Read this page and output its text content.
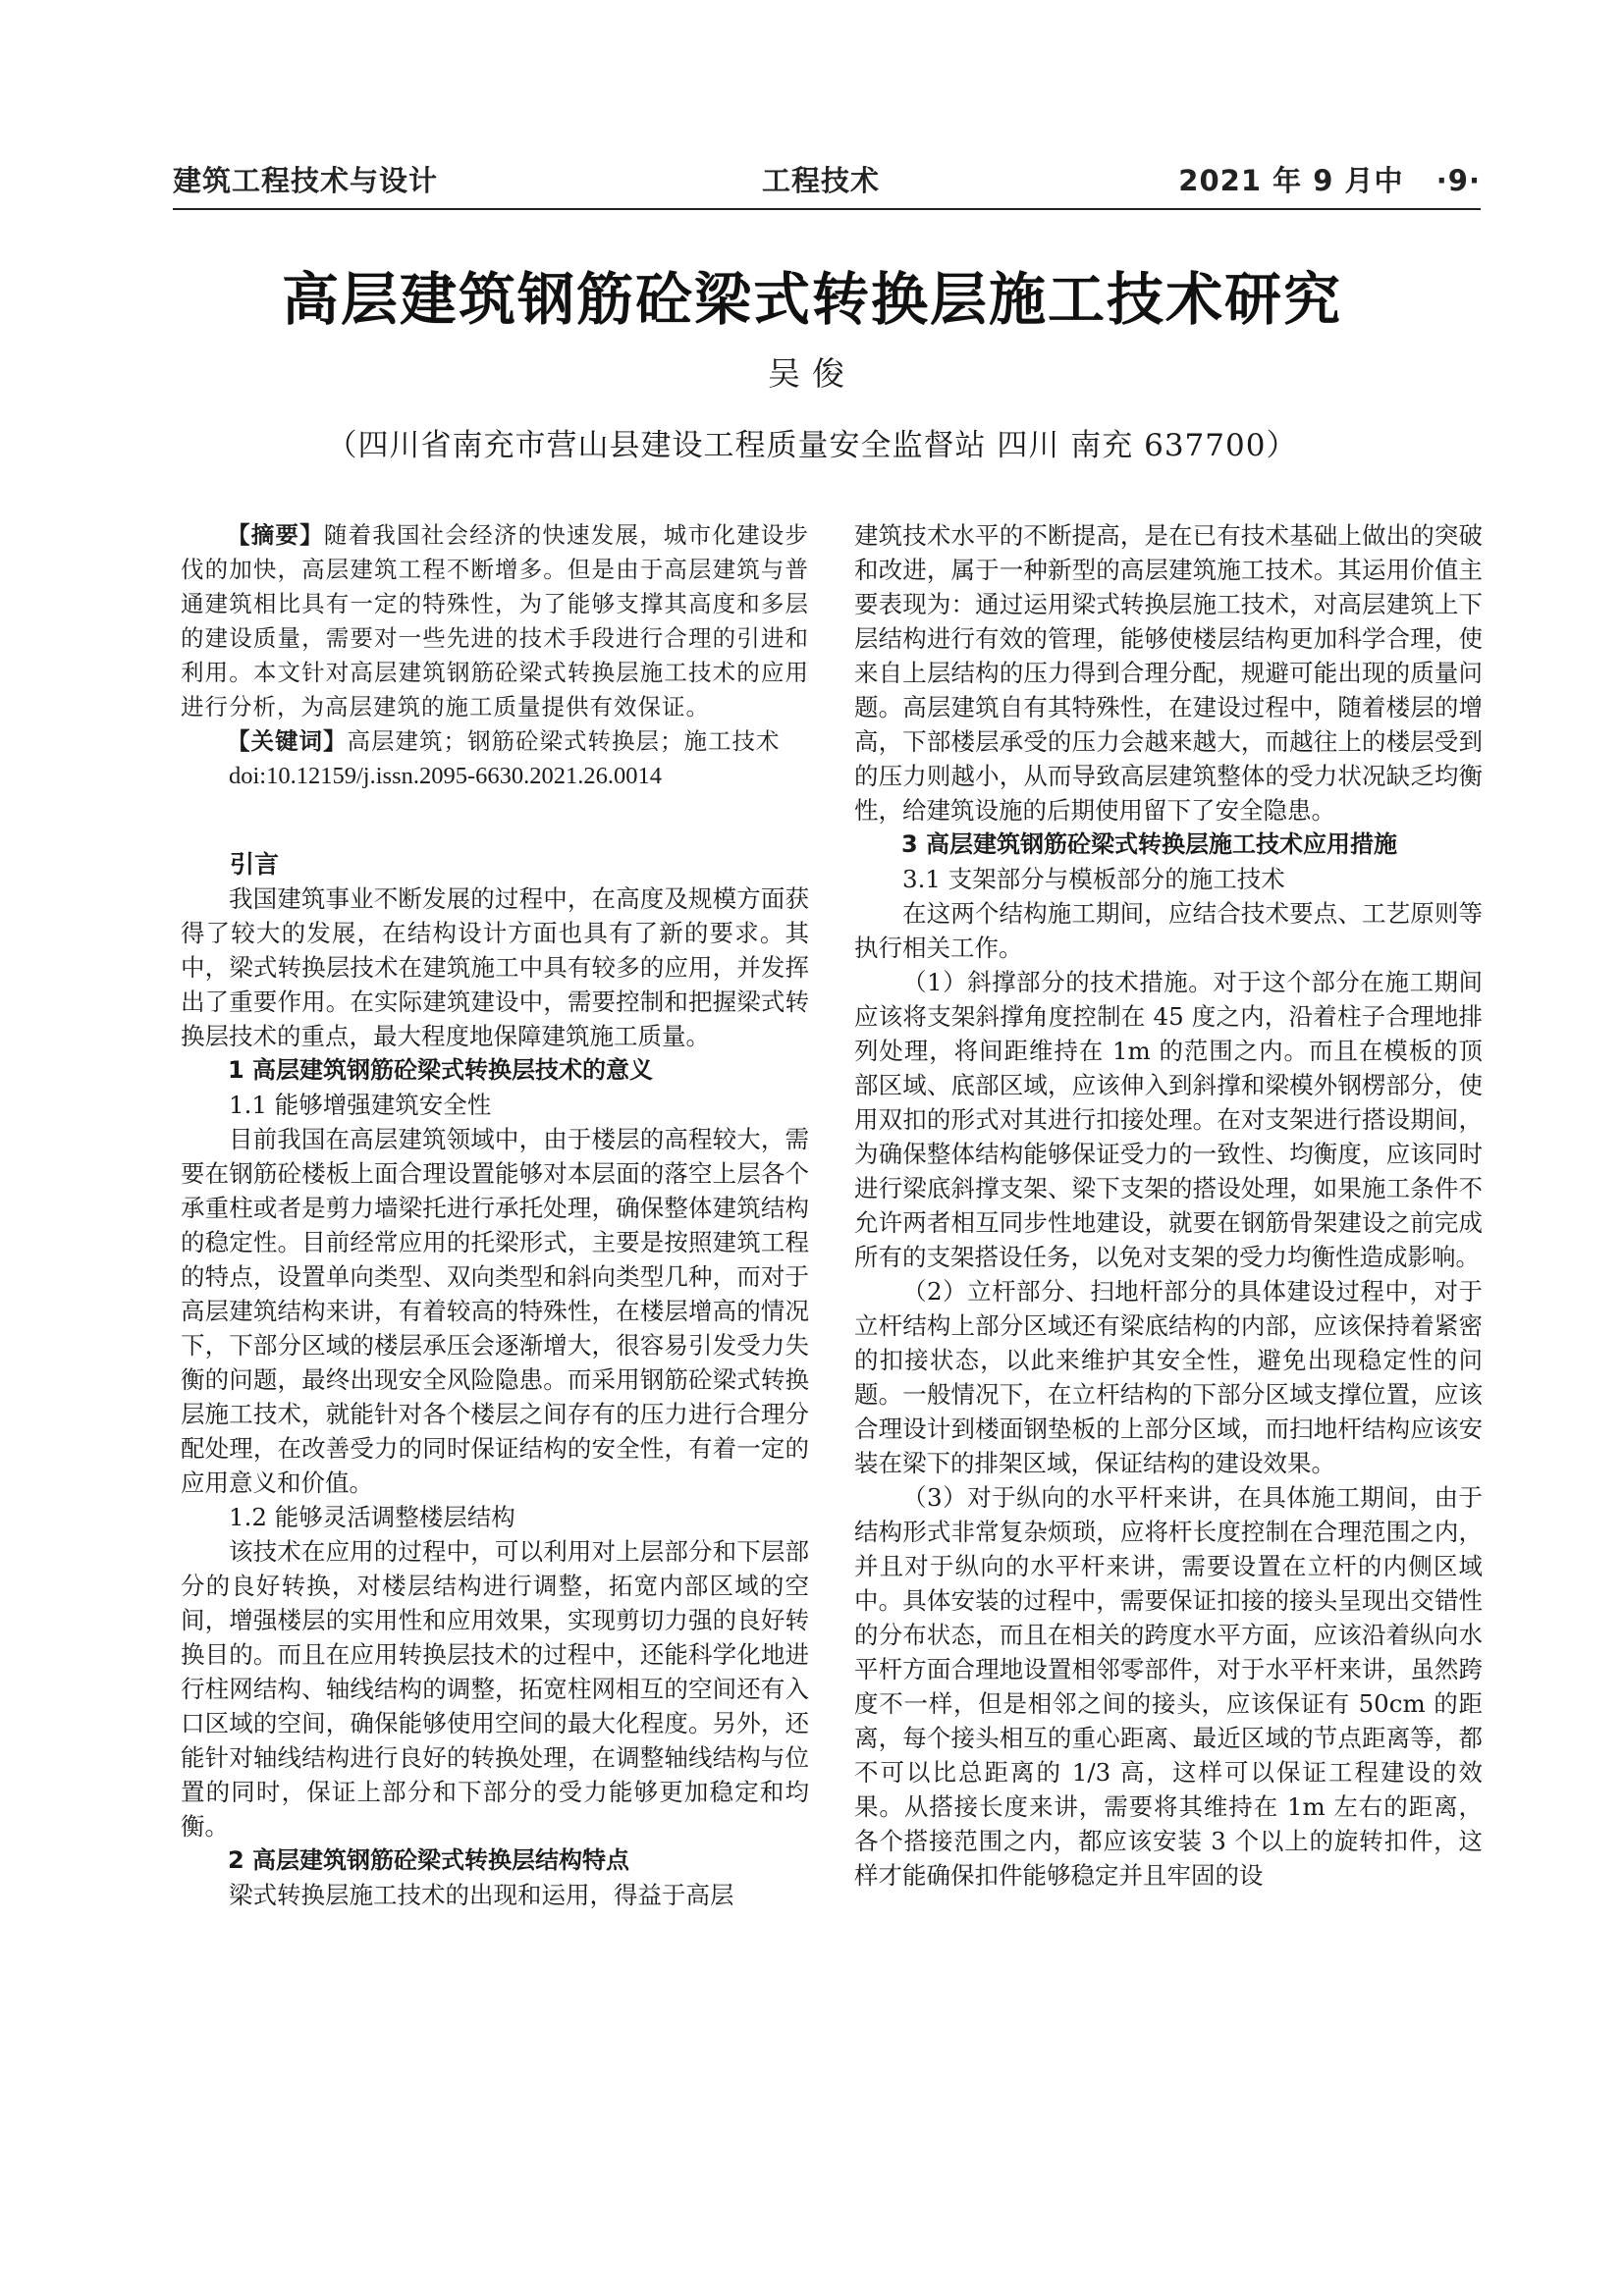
建筑工程技术与设计	工程技术	2021 年 9 月中 ·9·
高层建筑钢筋砼梁式转换层施工技术研究
吴俊
（四川省南充市营山县建设工程质量安全监督站 四川 南充 637700）

【摘要】随着我国社会经济的快速发展，城市化建设步伐的加快，高层建筑工程不断增多。但是由于高层建筑与普通建筑相比具有一定的特殊性，为了能够支撑其高度和多层的建设质量，需要对一些先进的技术手段进行合理的引进和利用。本文针对高层建筑钢筋砼梁式转换层施工技术的应用进行分析，为高层建筑的施工质量提供有效保证。

【关键词】高层建筑；钢筋砼梁式转换层；施工技术

doi:10.12159/j.issn.2095-6630.2021.26.0014
引言

我国建筑事业不断发展的过程中，在高度及规模方面获得了较大的发展，在结构设计方面也具有了新的要求。其中，梁式转换层技术在建筑施工中具有较多的应用，并发挥出了重要作用。在实际建筑建设中，需要控制和把握梁式转换层技术的重点，最大程度地保障建筑施工质量。

1 高层建筑钢筋砼梁式转换层技术的意义
1.1 能够增强建筑安全性

目前我国在高层建筑领域中，由于楼层的高程较大，需要在钢筋砼楼板上面合理设置能够对本层面的落空上层各个承重柱或者是剪力墙梁托进行承托处理，确保整体建筑结构的稳定性。目前经常应用的托梁形式，主要是按照建筑工程的特点，设置单向类型、双向类型和斜向类型几种，而对于高层建筑结构来讲，有着较高的特殊性，在楼层增高的情况下，下部分区域的楼层承压会逐渐增大，很容易引发受力失衡的问题，最终出现安全风险隐患。而采用钢筋砼梁式转换层施工技术，就能针对各个楼层之间存有的压力进行合理分配处理，在改善受力的同时保证结构的安全性，有着一定的应用意义和价值。

1.2 能够灵活调整楼层结构

该技术在应用的过程中，可以利用对上层部分和下层部分的良好转换，对楼层结构进行调整，拓宽内部区域的空间，增强楼层的实用性和应用效果，实现剪切力强的良好转换目的。而且在应用转换层技术的过程中，还能科学化地进行柱网结构、轴线结构的调整，拓宽柱网相互的空间还有入口区域的空间，确保能够使用空间的最大化程度。另外，还能针对轴线结构进行良好的转换处理，在调整轴线结构与位置的同时，保证上部分和下部分的受力能够更加稳定和均衡。

2 高层建筑钢筋砼梁式转换层结构特点

梁式转换层施工技术的出现和运用，得益于高层

建筑技术水平的不断提高，是在已有技术基础上做出的突破和改进，属于一种新型的高层建筑施工技术。其运用价值主要表现为：通过运用梁式转换层施工技术，对高层建筑上下层结构进行有效的管理，能够使楼层结构更加科学合理，使来自上层结构的压力得到合理分配，规避可能出现的质量问题。高层建筑自有其特殊性，在建设过程中，随着楼层的增高，下部楼层承受的压力会越来越大，而越往上的楼层受到的压力则越小，从而导致高层建筑整体的受力状况缺乏均衡性，给建筑设施的后期使用留下了安全隐患。

3 高层建筑钢筋砼梁式转换层施工技术应用措施
3.1 支架部分与模板部分的施工技术

在这两个结构施工期间，应结合技术要点、工艺原则等执行相关工作。

（1）斜撑部分的技术措施。对于这个部分在施工期间应该将支架斜撑角度控制在 45 度之内，沿着柱子合理地排列处理，将间距维持在 1m 的范围之内。而且在模板的顶部区域、底部区域，应该伸入到斜撑和梁模外钢楞部分，使用双扣的形式对其进行扣接处理。在对支架进行搭设期间，为确保整体结构能够保证受力的一致性、均衡度，应该同时进行梁底斜撑支架、梁下支架的搭设处理，如果施工条件不允许两者相互同步性地建设，就要在钢筋骨架建设之前完成所有的支架搭设任务，以免对支架的受力均衡性造成影响。

（2）立杆部分、扫地杆部分的具体建设过程中，对于立杆结构上部分区域还有梁底结构的内部，应该保持着紧密的扣接状态，以此来维护其安全性，避免出现稳定性的问题。一般情况下，在立杆结构的下部分区域支撑位置，应该合理设计到楼面钢垫板的上部分区域，而扫地杆结构应该安装在梁下的排架区域，保证结构的建设效果。

（3）对于纵向的水平杆来讲，在具体施工期间，由于结构形式非常复杂烦琐，应将杆长度控制在合理范围之内，并且对于纵向的水平杆来讲，需要设置在立杆的内侧区域中。具体安装的过程中，需要保证扣接的接头呈现出交错性的分布状态，而且在相关的跨度水平方面，应该沿着纵向水平杆方面合理地设置相邻零部件，对于水平杆来讲，虽然跨度不一样，但是相邻之间的接头，应该保证有 50cm 的距离，每个接头相互的重心距离、最近区域的节点距离等，都不可以比总距离的 1/3 高，这样可以保证工程建设的效果。从搭接长度来讲，需要将其维持在 1m 左右的距离，各个搭接范围之内，都应该安装 3 个以上的旋转扣件，这样才能确保扣件能够稳定并且牢固的设
